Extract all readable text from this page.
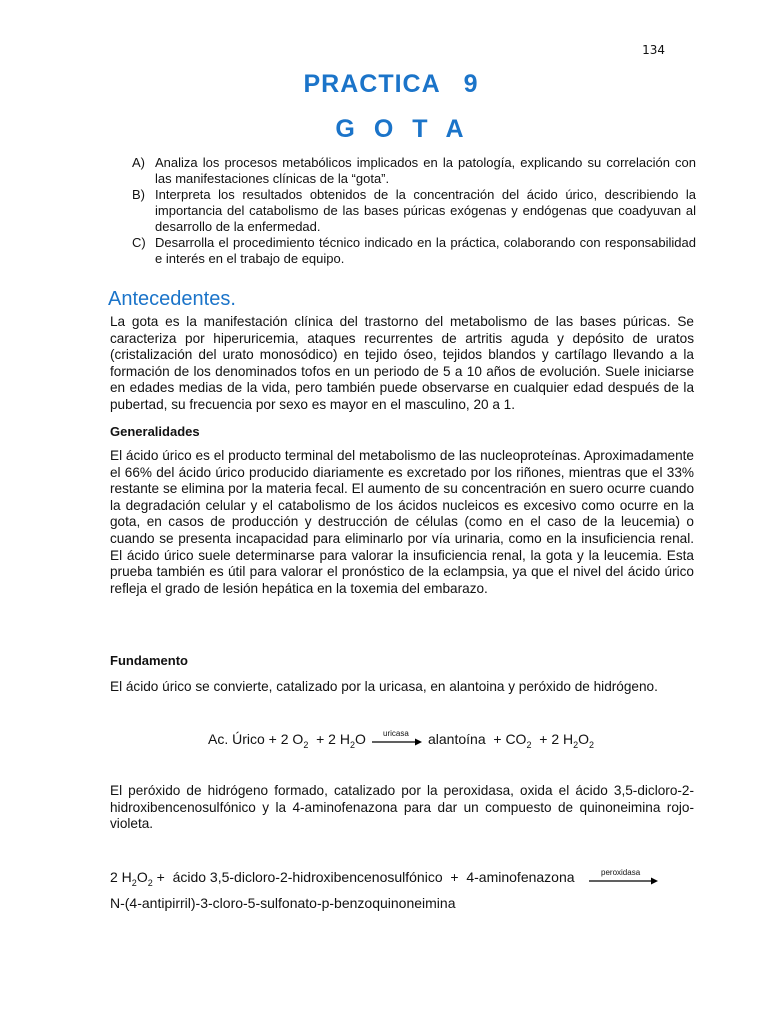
134
PRACTICA   9
G O T A
A) Analiza los procesos metabólicos implicados en la patología, explicando su correlación con las manifestaciones clínicas de la “gota”.
B) Interpreta los resultados obtenidos de la concentración del ácido úrico, describiendo la importancia del catabolismo de las bases púricas exógenas y endógenas que coadyuvan al desarrollo de la enfermedad.
C) Desarrolla el procedimiento técnico indicado en la práctica, colaborando con responsabilidad e interés en el trabajo de equipo.
Antecedentes.

La gota es la manifestación clínica del trastorno del metabolismo de las bases púricas. Se caracteriza por hiperuricemia, ataques recurrentes de artritis aguda y depósito de uratos (cristalización del urato monosódico) en tejido óseo, tejidos blandos y cartílago llevando a la formación de los denominados tofos en un periodo de 5 a 10 años de evolución. Suele iniciarse en edades medias de la vida, pero también puede observarse en cualquier edad después de la pubertad, su frecuencia por sexo es mayor en el masculino, 20 a 1.

Generalidades

El ácido úrico es el producto terminal del metabolismo de las nucleoproteínas. Aproximadamente el 66% del ácido úrico producido diariamente es excretado por los riñones, mientras que el 33% restante se elimina por la materia fecal. El aumento de su concentración en suero ocurre cuando la degradación celular y el catabolismo de los ácidos nucleicos es excesivo como ocurre en la gota, en casos de producción y destrucción de células (como en el caso de la leucemia) o cuando se presenta incapacidad para eliminarlo por vía urinaria, como en la insuficiencia renal. El ácido úrico suele determinarse para valorar la insuficiencia renal, la gota y la leucemia. Esta prueba también es útil para valorar el pronóstico de la eclampsia, ya que el nivel del ácido úrico refleja el grado de lesión hepática en la toxemia del embarazo.

Fundamento

El ácido úrico se convierte, catalizado por la uricasa, en alantoina y peróxido de hidrógeno.

Ac. Úrico + 2 $O_2 + 2$ $H_2O$ uricasa → alantoína  + $CO_2 + 2$ $H_2O_2$

El peróxido de hidrógeno formado, catalizado por la peroxidasa, oxida el ácido 3,5-dicloro-2-hidroxibencenosulfónico y la 4-aminofenazona para dar un compuesto de quinoneimina rojo-violeta.

2 $H_2O_2$ +  ácido 3,5-dicloro-2-hidroxibencenosulfónico  +  4-aminofenazona	peroxidasa
N-(4-antipirril)-3-cloro-5-sulfonato-p-benzoquinoneimina
